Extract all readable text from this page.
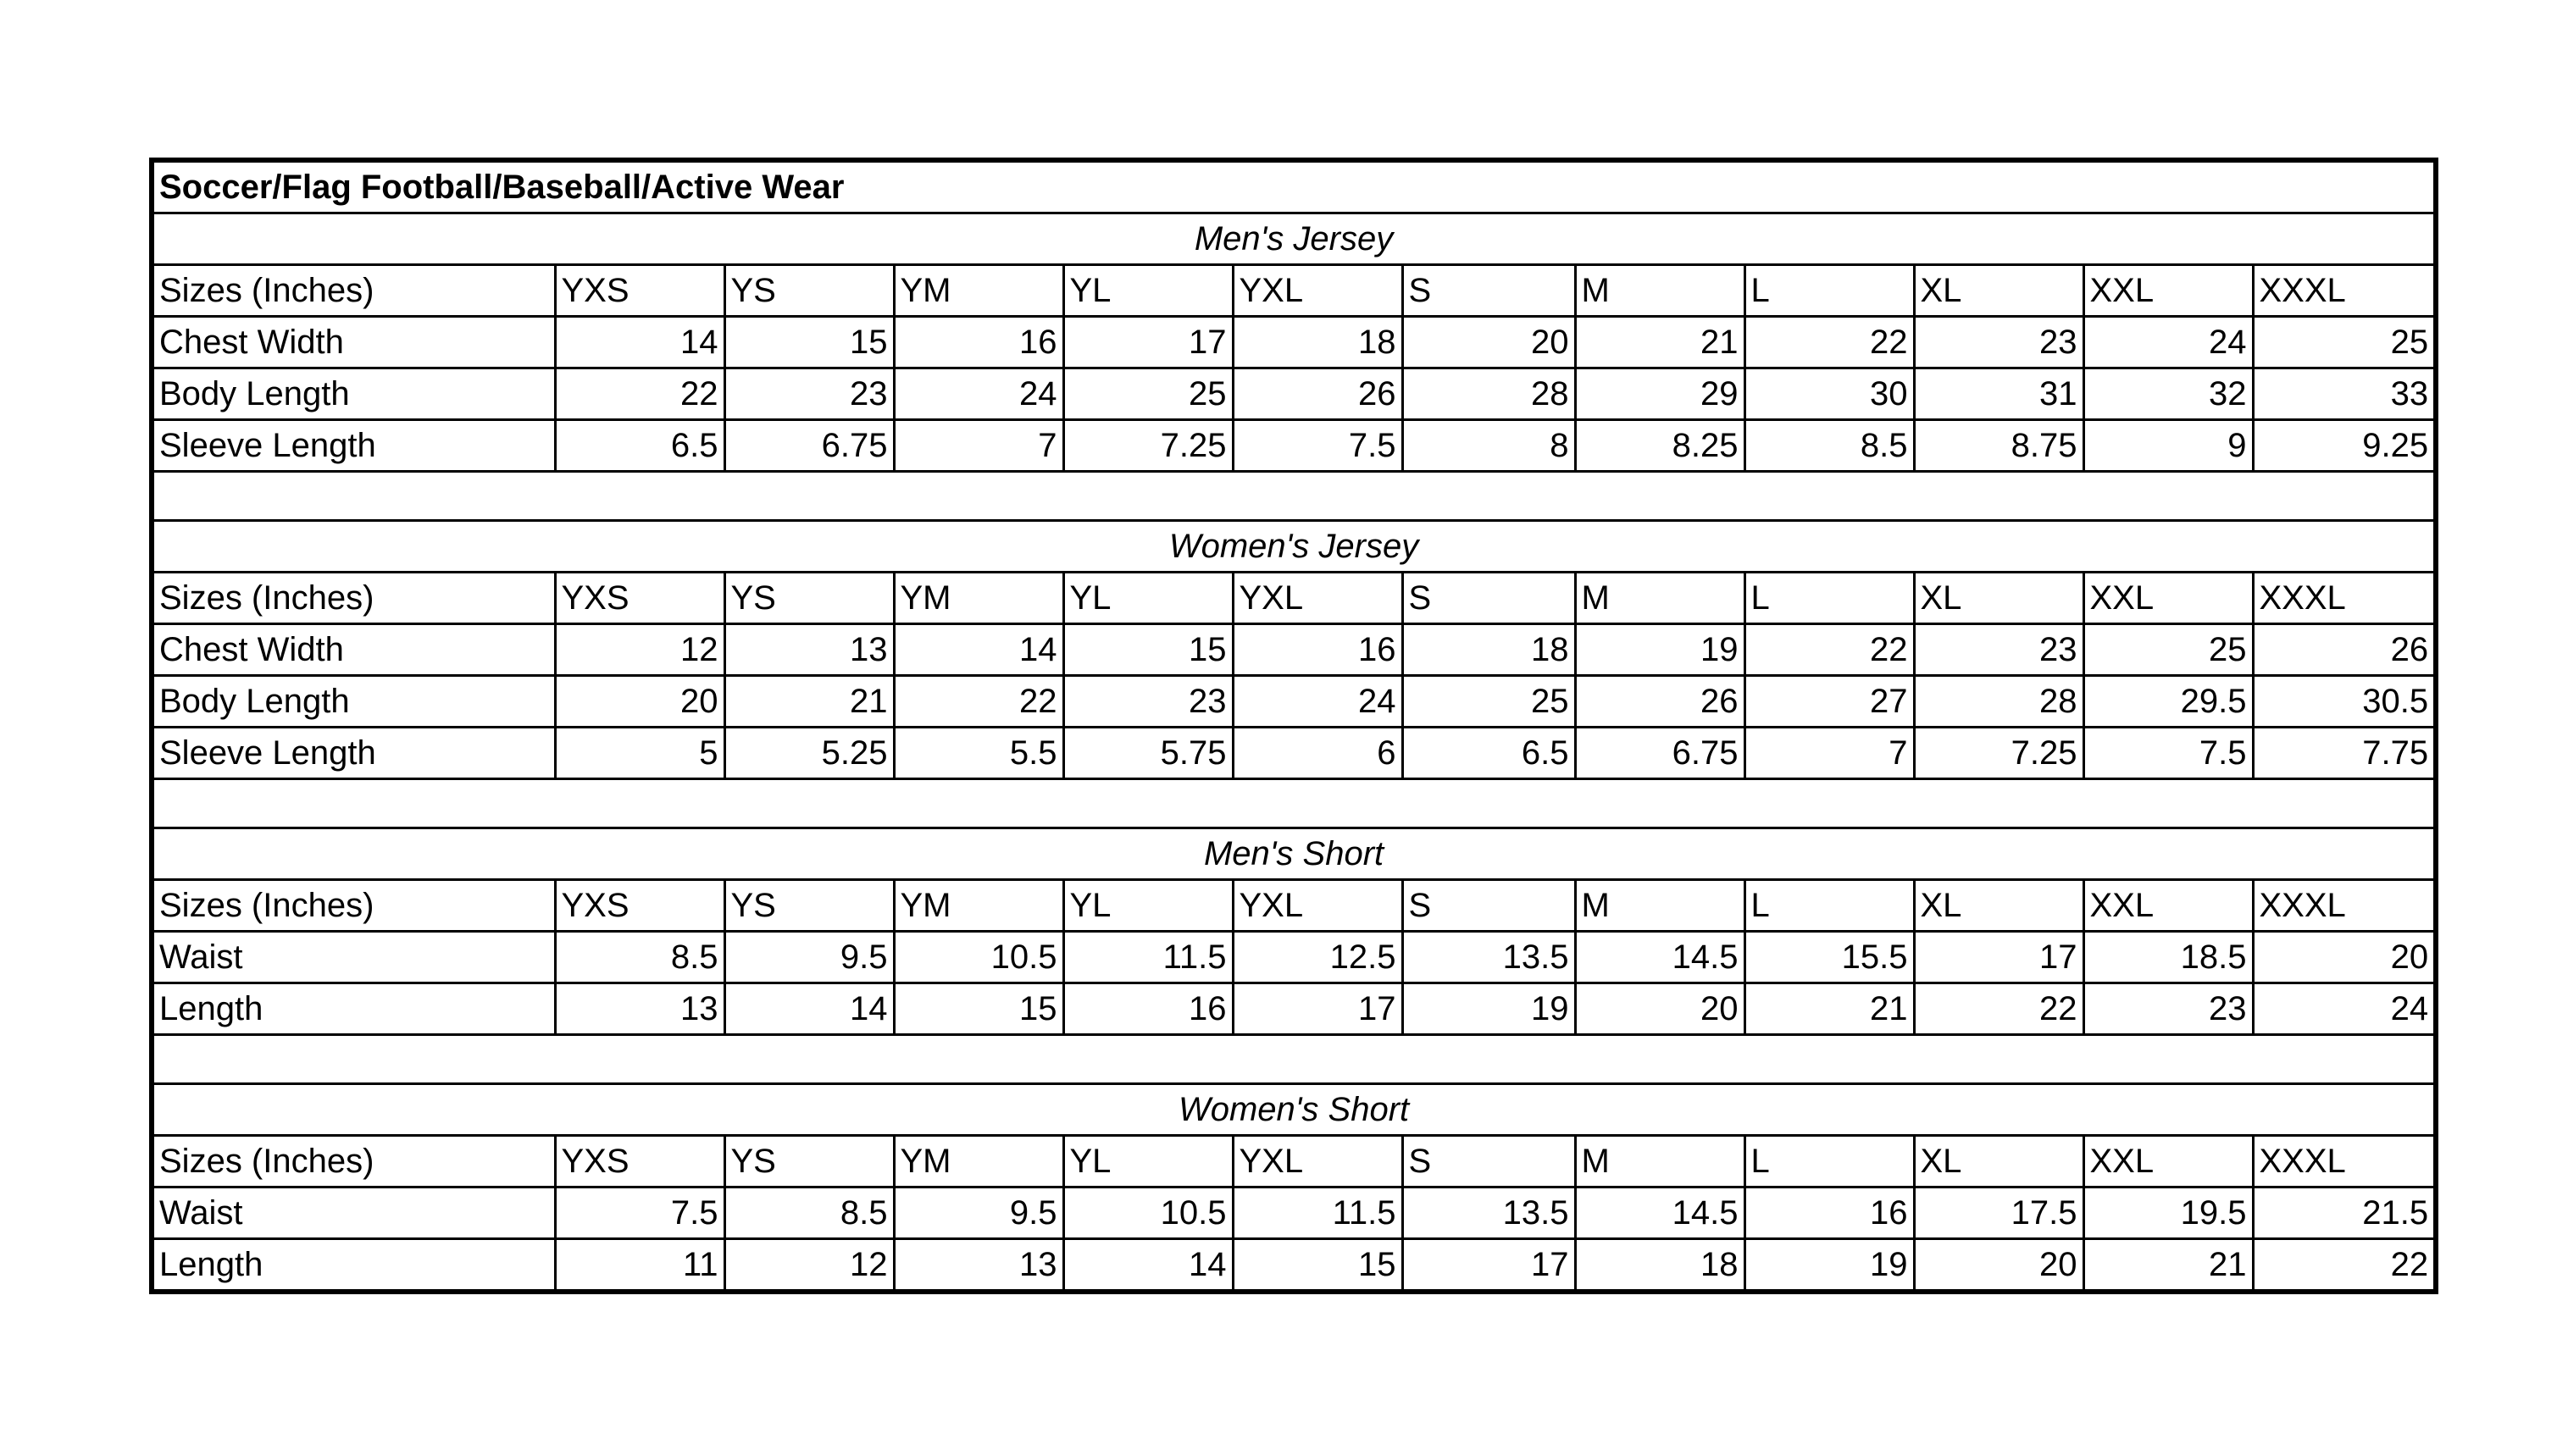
Soccer/Flag Football/Baseball/Active Wear											
Men's Jersey											
Sizes (Inches)	YXS	YS	YM	YL	YXL	S	M	L	XL	XXL	XXXL
Chest Width	14	15	16	17	18	20	21	22	23	24	25
Body Length	22	23	24	25	26	28	29	30	31	32	33
Sleeve Length	6.5	6.75	7	7.25	7.5	8	8.25	8.5	8.75	9	9.25

Women's Jersey											
Sizes (Inches)	YXS	YS	YM	YL	YXL	S	M	L	XL	XXL	XXXL
Chest Width	12	13	14	15	16	18	19	22	23	25	26
Body Length	20	21	22	23	24	25	26	27	28	29.5	30.5
Sleeve Length	5	5.25	5.5	5.75	6	6.5	6.75	7	7.25	7.5	7.75

Men's Short											
Sizes (Inches)	YXS	YS	YM	YL	YXL	S	M	L	XL	XXL	XXXL
Waist	8.5	9.5	10.5	11.5	12.5	13.5	14.5	15.5	17	18.5	20
Length	13	14	15	16	17	19	20	21	22	23	24

Women's Short											
Sizes (Inches)	YXS	YS	YM	YL	YXL	S	M	L	XL	XXL	XXXL
Waist	7.5	8.5	9.5	10.5	11.5	13.5	14.5	16	17.5	19.5	21.5
Length	11	12	13	14	15	17	18	19	20	21	22
